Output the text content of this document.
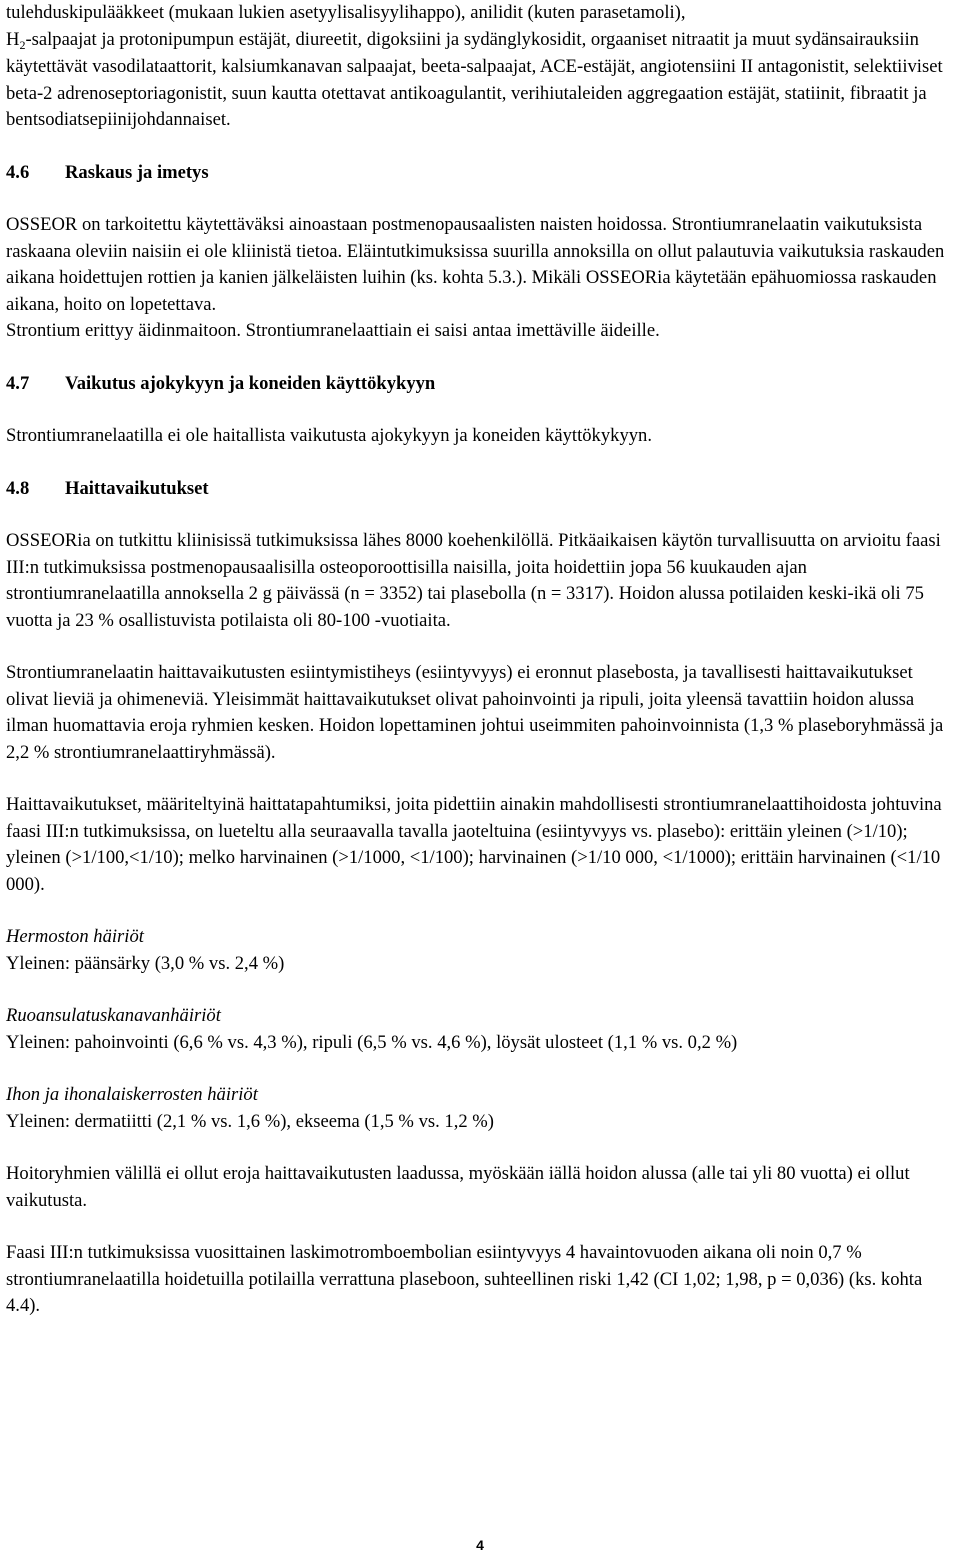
tulehduskipulääkkeet (mukaan lukien asetyylisalisyylihappo), anilidit (kuten parasetamoli),
$H_2$-salpaajat ja protonipumpun estäjät, diureetit, digoksiini ja sydänglykosidit, orgaaniset nitraatit ja muut sydänsairauksiin käytettävät vasodilataattorit, kalsiumkanavan salpaajat, beeta-salpaajat, ACE-estäjät, angiotensiini II antagonistit, selektiiviset beta-2 adrenoseptoriagonistit, suun kautta otettavat antikoagulantit, verihiutaleiden aggregaation estäjät, statiinit, fibraatit ja bentsodiatsepiinijohdannaiset.

4.6	Raskaus ja imetys

OSSEOR on tarkoitettu käytettäväksi ainoastaan postmenopausaalisten naisten hoidossa. Strontiumranelaatin vaikutuksista raskaana oleviin naisiin ei ole kliinistä tietoa. Eläintutkimuksissa suurilla annoksilla on ollut palautuvia vaikutuksia raskauden aikana hoidettujen rottien ja kanien jälkeläisten luihin (ks. kohta 5.3.). Mikäli OSSEORia käytetään epähuomiossa raskauden aikana, hoito on lopetettava.

Strontium erittyy äidinmaitoon. Strontiumranelaattiain ei saisi antaa imettäville äideille.

4.7	Vaikutus ajokykyyn ja koneiden käyttökykyyn

Strontiumranelaatilla ei ole haitallista vaikutusta ajokykyyn ja koneiden käyttökykyyn.

4.8	Haittavaikutukset

OSSEORia on tutkittu kliinisissä tutkimuksissa lähes 8000 koehenkilöllä. Pitkäaikaisen käytön turvallisuutta on arvioitu faasi III:n tutkimuksissa postmenopausaalisilla osteoporoottisilla naisilla, joita hoidettiin jopa 56 kuukauden ajan strontiumranelaatilla annoksella 2 g päivässä (n = 3352) tai plasebolla (n = 3317). Hoidon alussa potilaiden keski-ikä oli 75 vuotta ja 23 % osallistuvista potilaista oli 80-100 -vuotiaita.

Strontiumranelaatin haittavaikutusten esiintymistiheys (esiintyvyys) ei eronnut plasebosta, ja tavallisesti haittavaikutukset olivat lieviä ja ohimeneviä. Yleisimmät haittavaikutukset olivat pahoinvointi ja ripuli, joita yleensä tavattiin hoidon alussa ilman huomattavia eroja ryhmien kesken. Hoidon lopettaminen johtui useimmiten pahoinvoinnista (1,3 % plaseboryhmässä ja 2,2 % strontiumranelaattiryhmässä).

Haittavaikutukset, määriteltyinä haittatapahtumiksi, joita pidettiin ainakin mahdollisesti strontiumranelaattihoidosta johtuvina faasi III:n tutkimuksissa, on lueteltu alla seuraavalla tavalla jaoteltuina (esiintyvyys vs. plasebo): erittäin yleinen (>1/10); yleinen (>1/100,<1/10); melko harvinainen (>1/1000, <1/100); harvinainen (>1/10 000, <1/1000); erittäin harvinainen (<1/10 000).

Hermoston häiriöt

Yleinen: päänsärky (3,0 % vs. 2,4 %)

Ruoansulatuskanavanhäiriöt

Yleinen: pahoinvointi (6,6 % vs. 4,3 %), ripuli (6,5 % vs. 4,6 %), löysät ulosteet (1,1 % vs. 0,2 %)

Ihon ja ihonalaiskerrosten häiriöt

Yleinen: dermatiitti (2,1 % vs. 1,6 %), ekseema (1,5 % vs. 1,2 %)

Hoitoryhmien välillä ei ollut eroja haittavaikutusten laadussa, myöskään iällä hoidon alussa (alle tai yli 80 vuotta) ei ollut vaikutusta.

Faasi III:n tutkimuksissa vuosittainen laskimotromboembolian esiintyvyys 4 havaintovuoden aikana oli noin 0,7 % strontiumranelaatilla hoidetuilla potilailla verrattuna plaseboon, suhteellinen riski 1,42 (CI 1,02; 1,98, p = 0,036) (ks. kohta 4.4).

4
